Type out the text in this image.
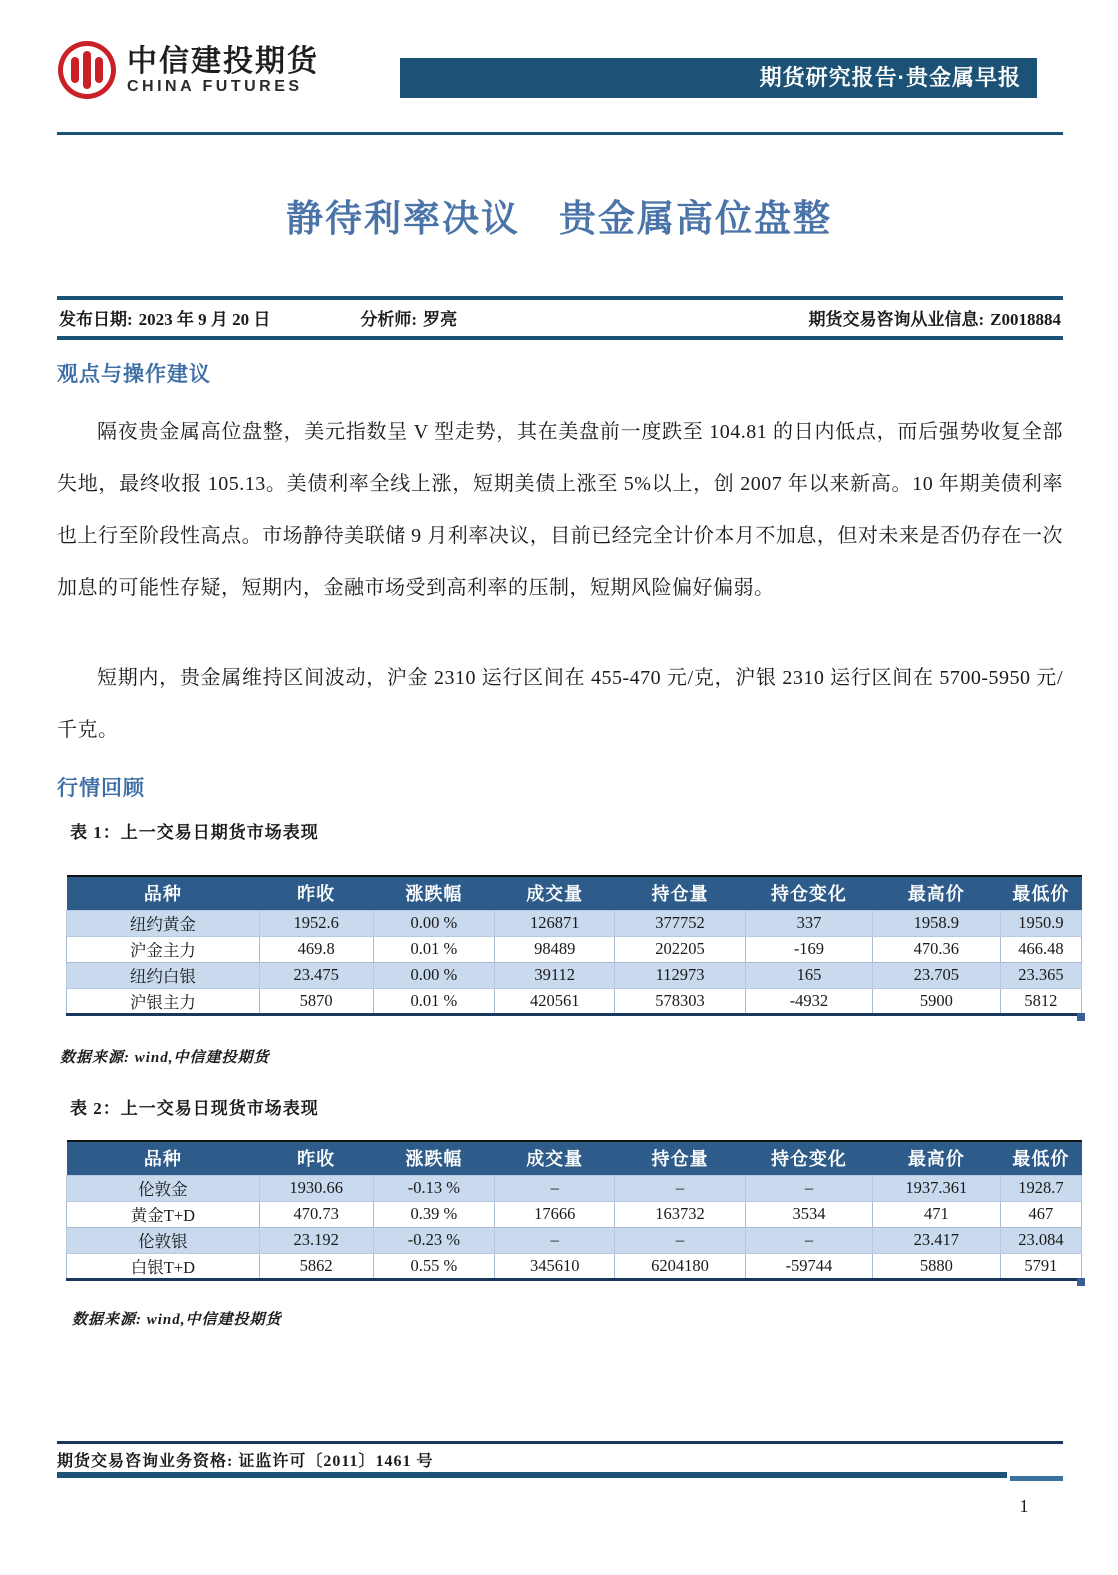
中信建投期货
CHINA FUTURES	期货研究报告·贵金属早报
静待利率决议　贵金属高位盘整
发布日期: 2023 年 9 月 20 日	分析师: 罗亮	期货交易咨询从业信息: Z0018884
观点与操作建议

隔夜贵金属高位盘整，美元指数呈 V 型走势，其在美盘前一度跌至 104.81 的日内低点，而后强势收复全部失地，最终收报 105.13。美债利率全线上涨，短期美债上涨至 5%以上，创 2007 年以来新高。10 年期美债利率也上行至阶段性高点。市场静待美联储 9 月利率决议，目前已经完全计价本月不加息，但对未来是否仍存在一次加息的可能性存疑，短期内，金融市场受到高利率的压制，短期风险偏好偏弱。

短期内，贵金属维持区间波动，沪金 2310 运行区间在 455-470 元/克，沪银 2310 运行区间在 5700-5950 元/千克。

行情回顾
表 1：上一交易日期货市场表现
品种	昨收	涨跌幅	成交量	持仓量	持仓变化	最高价	最低价
纽约黄金	1952.6	0.00 %	126871	377752	337	1958.9	1950.9
沪金主力	469.8	0.01 %	98489	202205	-169	470.36	466.48
纽约白银	23.475	0.00 %	39112	112973	165	23.705	23.365
沪银主力	5870	0.01 %	420561	578303	-4932	5900	5812
数据来源: wind,中信建投期货
表 2：上一交易日现货市场表现
品种	昨收	涨跌幅	成交量	持仓量	持仓变化	最高价	最低价
伦敦金	1930.66	-0.13 %	–	–	–	1937.361	1928.7
黄金T+D	470.73	0.39 %	17666	163732	3534	471	467
伦敦银	23.192	-0.23 %	–	–	–	23.417	23.084
白银T+D	5862	0.55 %	345610	6204180	-59744	5880	5791
数据来源: wind,中信建投期货
期货交易咨询业务资格: 证监许可〔2011〕1461 号
1
